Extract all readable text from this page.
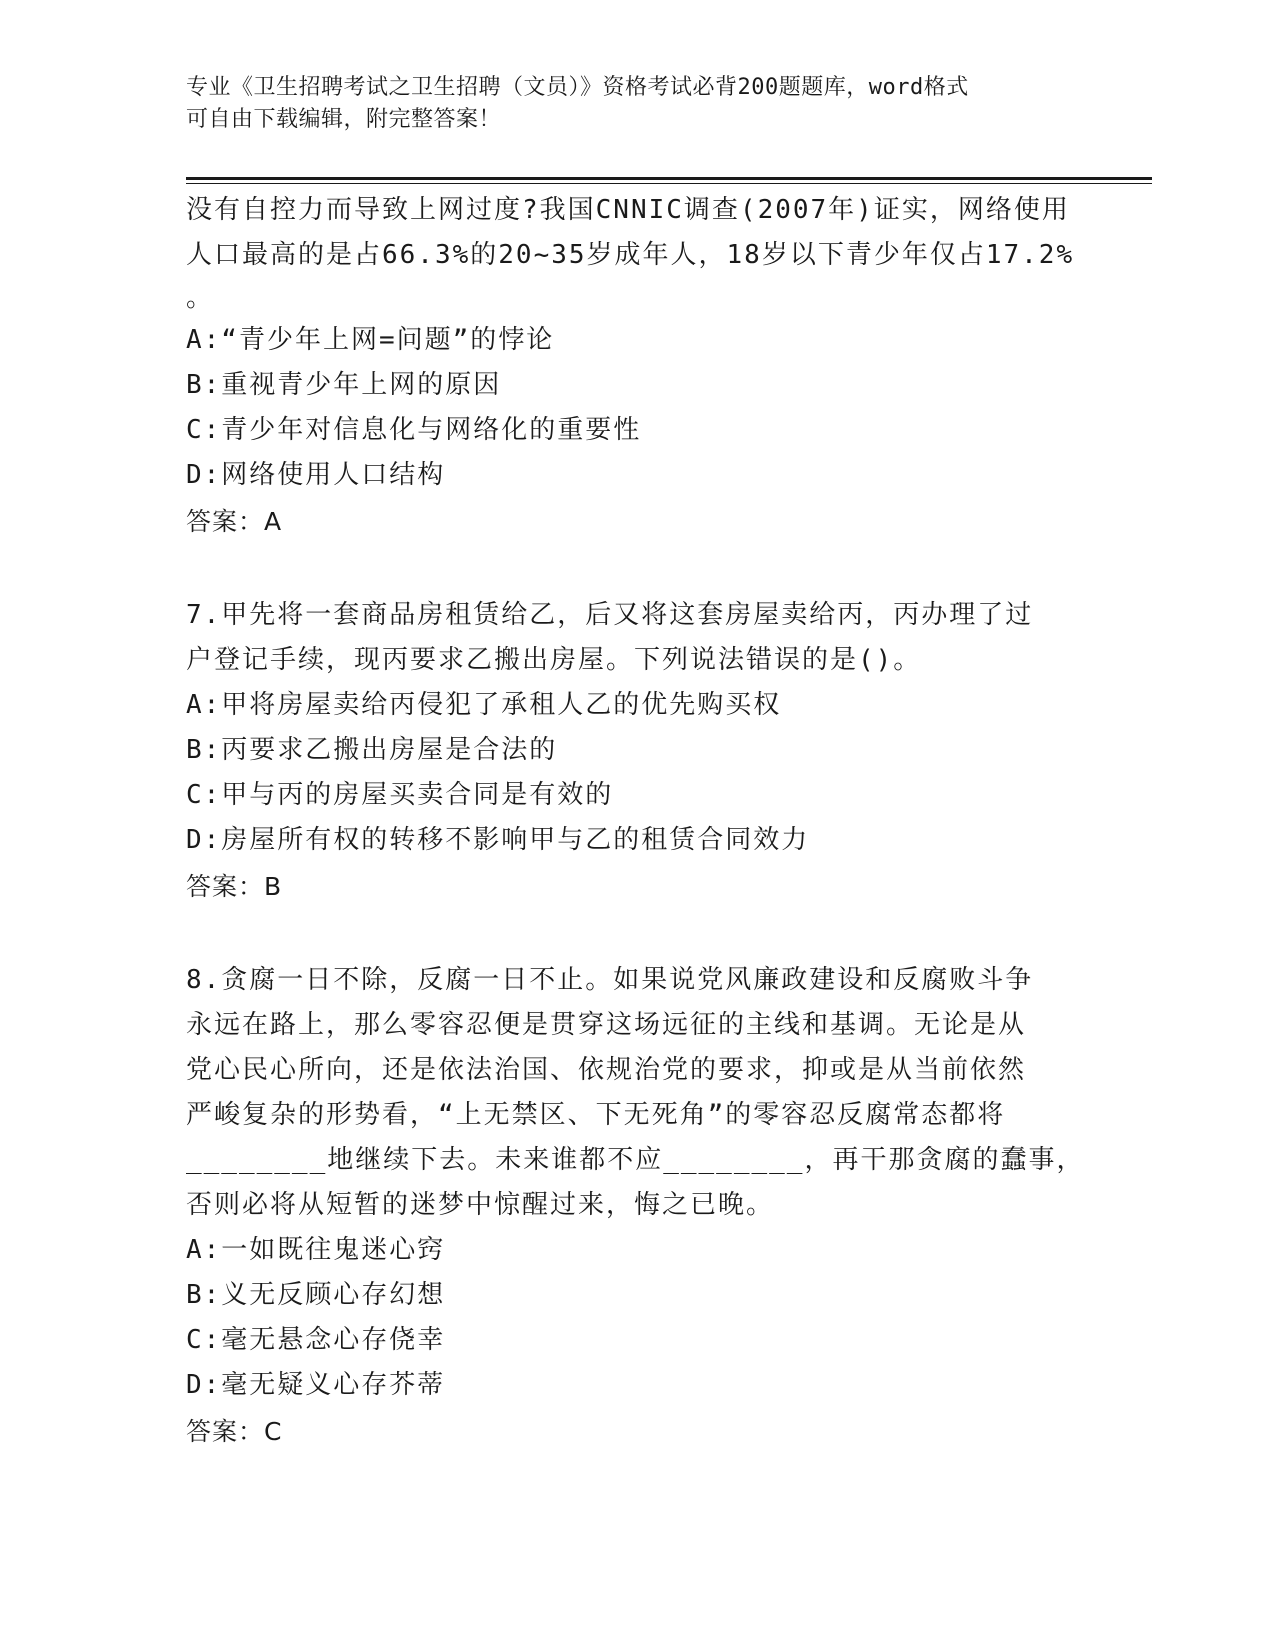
专业《卫生招聘考试之卫生招聘（文员）》资格考试必背200题题库，word格式
可自由下载编辑，附完整答案！
没有自控力而导致上网过度?我国CNNIC调查(2007年)证实，网络使用
人口最高的是占66.3%的20~35岁成年人，18岁以下青少年仅占17.2%
。
A:“青少年上网=问题”的悖论
B:重视青少年上网的原因
C:青少年对信息化与网络化的重要性
D:网络使用人口结构
答案：A
7.甲先将一套商品房租赁给乙，后又将这套房屋卖给丙，丙办理了过
户登记手续，现丙要求乙搬出房屋。下列说法错误的是()。
A:甲将房屋卖给丙侵犯了承租人乙的优先购买权
B:丙要求乙搬出房屋是合法的
C:甲与丙的房屋买卖合同是有效的
D:房屋所有权的转移不影响甲与乙的租赁合同效力
答案：B
8.贪腐一日不除，反腐一日不止。如果说党风廉政建设和反腐败斗争
永远在路上，那么零容忍便是贯穿这场远征的主线和基调。无论是从
党心民心所向，还是依法治国、依规治党的要求，抑或是从当前依然
严峻复杂的形势看，“上无禁区、下无死角”的零容忍反腐常态都将
________地继续下去。未来谁都不应________，再干那贪腐的蠢事，
否则必将从短暂的迷梦中惊醒过来，悔之已晚。
A:一如既往鬼迷心窍
B:义无反顾心存幻想
C:毫无悬念心存侥幸
D:毫无疑义心存芥蒂
答案：C
